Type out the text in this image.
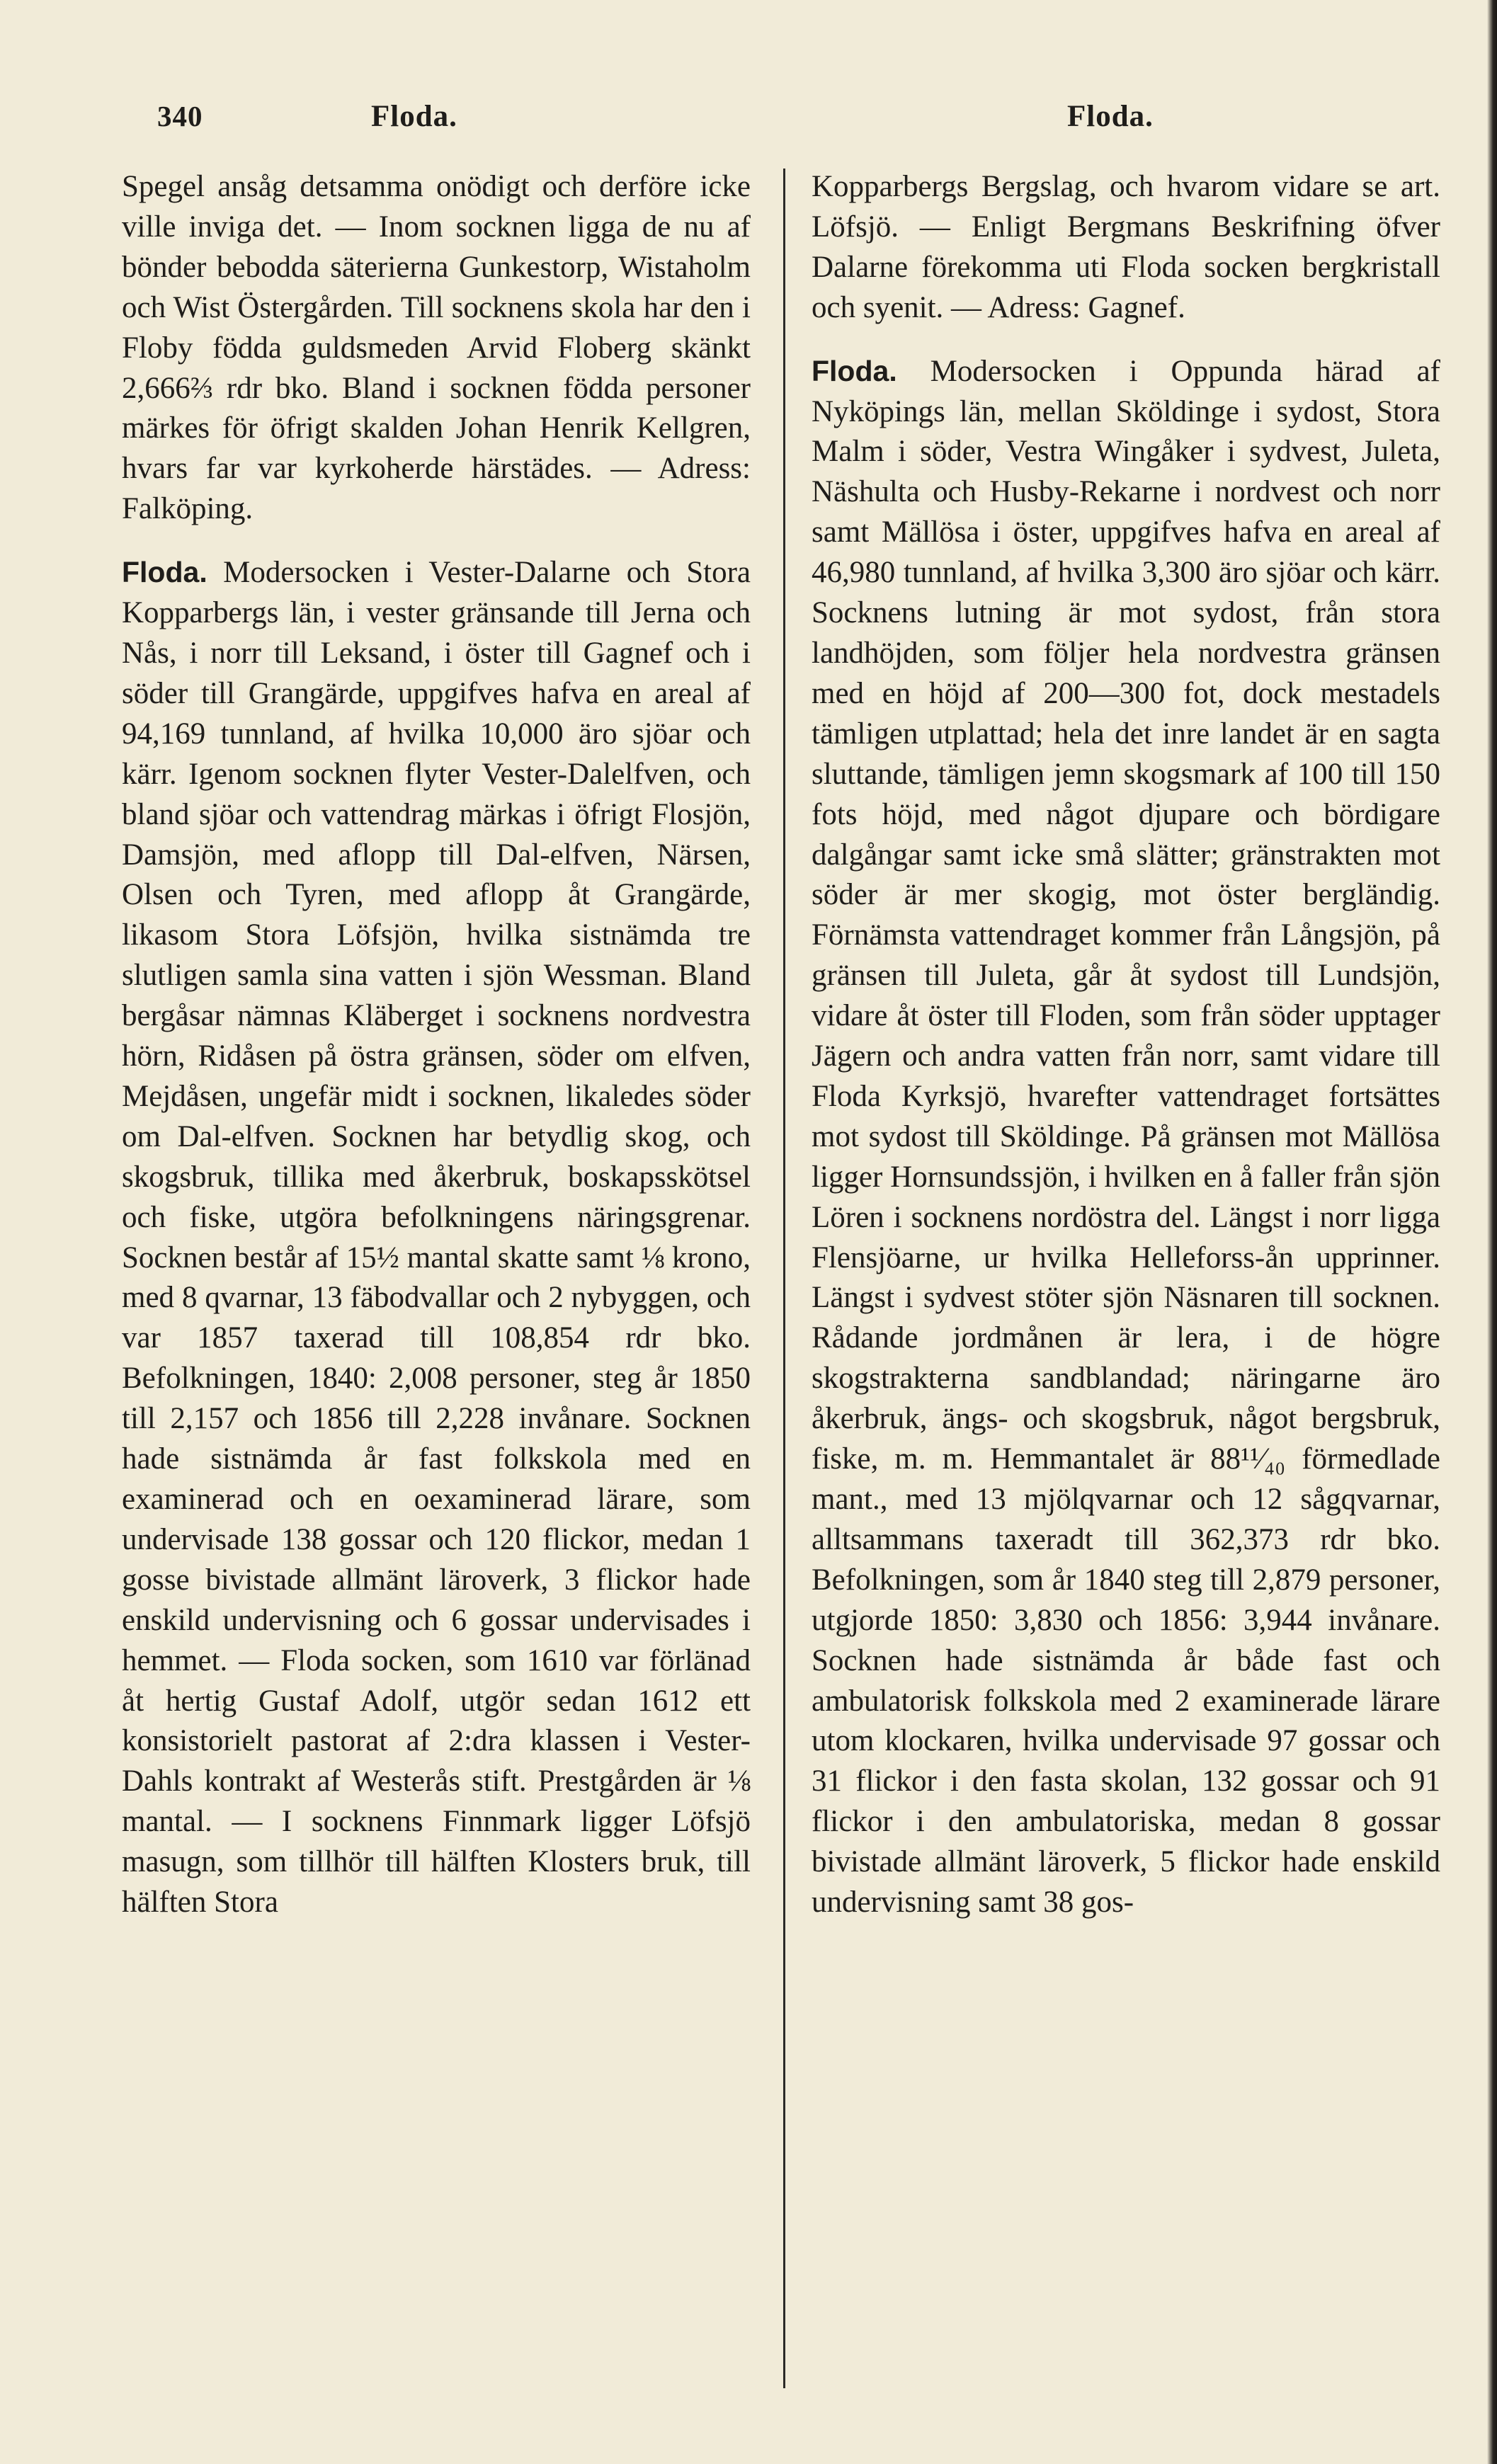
340	Floda.	Floda.

Spegel ansåg detsamma onödigt och derföre icke ville inviga det. — Inom socknen ligga de nu af bönder bebodda säterierna Gunkestorp, Wistaholm och Wist Östergården. Till socknens skola har den i Floby födda guldsmeden Arvid Floberg skänkt 2,666⅔ rdr bko. Bland i socknen födda personer märkes för öfrigt skalden Johan Henrik Kellgren, hvars far var kyrkoherde härstädes. — Adress: Falköping.

Floda. Modersocken i Vester-Dalarne och Stora Kopparbergs län, i vester gränsande till Jerna och Nås, i norr till Leksand, i öster till Gagnef och i söder till Grangärde, uppgifves hafva en areal af 94,169 tunnland, af hvilka 10,000 äro sjöar och kärr. Igenom socknen flyter Vester-Dalelfven, och bland sjöar och vattendrag märkas i öfrigt Flosjön, Damsjön, med aflopp till Dal-elfven, Närsen, Olsen och Tyren, med aflopp åt Grangärde, likasom Stora Löfsjön, hvilka sistnämda tre slutligen samla sina vatten i sjön Wessman. Bland bergåsar nämnas Kläberget i socknens nordvestra hörn, Ridåsen på östra gränsen, söder om elfven, Mejdåsen, ungefär midt i socknen, likaledes söder om Dal-elfven. Socknen har betydlig skog, och skogsbruk, tillika med åkerbruk, boskapsskötsel och fiske, utgöra befolkningens näringsgrenar. Socknen består af 15½ mantal skatte samt ⅛ krono, med 8 qvarnar, 13 fäbodvallar och 2 nybyggen, och var 1857 taxerad till 108,854 rdr bko. Befolkningen, 1840: 2,008 personer, steg år 1850 till 2,157 och 1856 till 2,228 invånare. Socknen hade sistnämda år fast folkskola med en examinerad och en oexaminerad lärare, som undervisade 138 gossar och 120 flickor, medan 1 gosse bivistade allmänt läroverk, 3 flickor hade enskild undervisning och 6 gossar undervisades i hemmet. — Floda socken, som 1610 var förlänad åt hertig Gustaf Adolf, utgör sedan 1612 ett konsistorielt pastorat af 2:dra klassen i Vester-Dahls kontrakt af Westerås stift. Prestgården är ⅛ mantal. — I socknens Finnmark ligger Löfsjö masugn, som tillhör till hälften Klosters bruk, till hälften Stora

Kopparbergs Bergslag, och hvarom vidare se art. Löfsjö. — Enligt Bergmans Beskrifning öfver Dalarne förekomma uti Floda socken bergkristall och syenit. — Adress: Gagnef.

Floda. Modersocken i Oppunda härad af Nyköpings län, mellan Sköldinge i sydost, Stora Malm i söder, Vestra Wingåker i sydvest, Juleta, Näshulta och Husby-Rekarne i nordvest och norr samt Mällösa i öster, uppgifves hafva en areal af 46,980 tunnland, af hvilka 3,300 äro sjöar och kärr. Socknens lutning är mot sydost, från stora landhöjden, som följer hela nordvestra gränsen med en höjd af 200—300 fot, dock mestadels tämligen utplattad; hela det inre landet är en sagta sluttande, tämligen jemn skogsmark af 100 till 150 fots höjd, med något djupare och bördigare dalgångar samt icke små slätter; gränstrakten mot söder är mer skogig, mot öster bergländig. Förnämsta vattendraget kommer från Långsjön, på gränsen till Juleta, går åt sydost till Lundsjön, vidare åt öster till Floden, som från söder upptager Jägern och andra vatten från norr, samt vidare till Floda Kyrksjö, hvarefter vattendraget fortsättes mot sydost till Sköldinge. På gränsen mot Mällösa ligger Hornsundssjön, i hvilken en å faller från sjön Lören i socknens nordöstra del. Längst i norr ligga Flensjöarne, ur hvilka Helleforss-ån upprinner. Längst i sydvest stöter sjön Näsnaren till socknen. Rådande jordmånen är lera, i de högre skogstrakterna sandblandad; näringarne äro åkerbruk, ängs- och skogsbruk, något bergsbruk, fiske, m. m. Hemmantalet är 88¹¹⁄₄₀ förmedlade mant., med 13 mjölqvarnar och 12 sågqvarnar, alltsammans taxeradt till 362,373 rdr bko. Befolkningen, som år 1840 steg till 2,879 personer, utgjorde 1850: 3,830 och 1856: 3,944 invånare. Socknen hade sistnämda år både fast och ambulatorisk folkskola med 2 examinerade lärare utom klockaren, hvilka undervisade 97 gossar och 31 flickor i den fasta skolan, 132 gossar och 91 flickor i den ambulatoriska, medan 8 gossar bivistade allmänt läroverk, 5 flickor hade enskild undervisning samt 38 gos-
